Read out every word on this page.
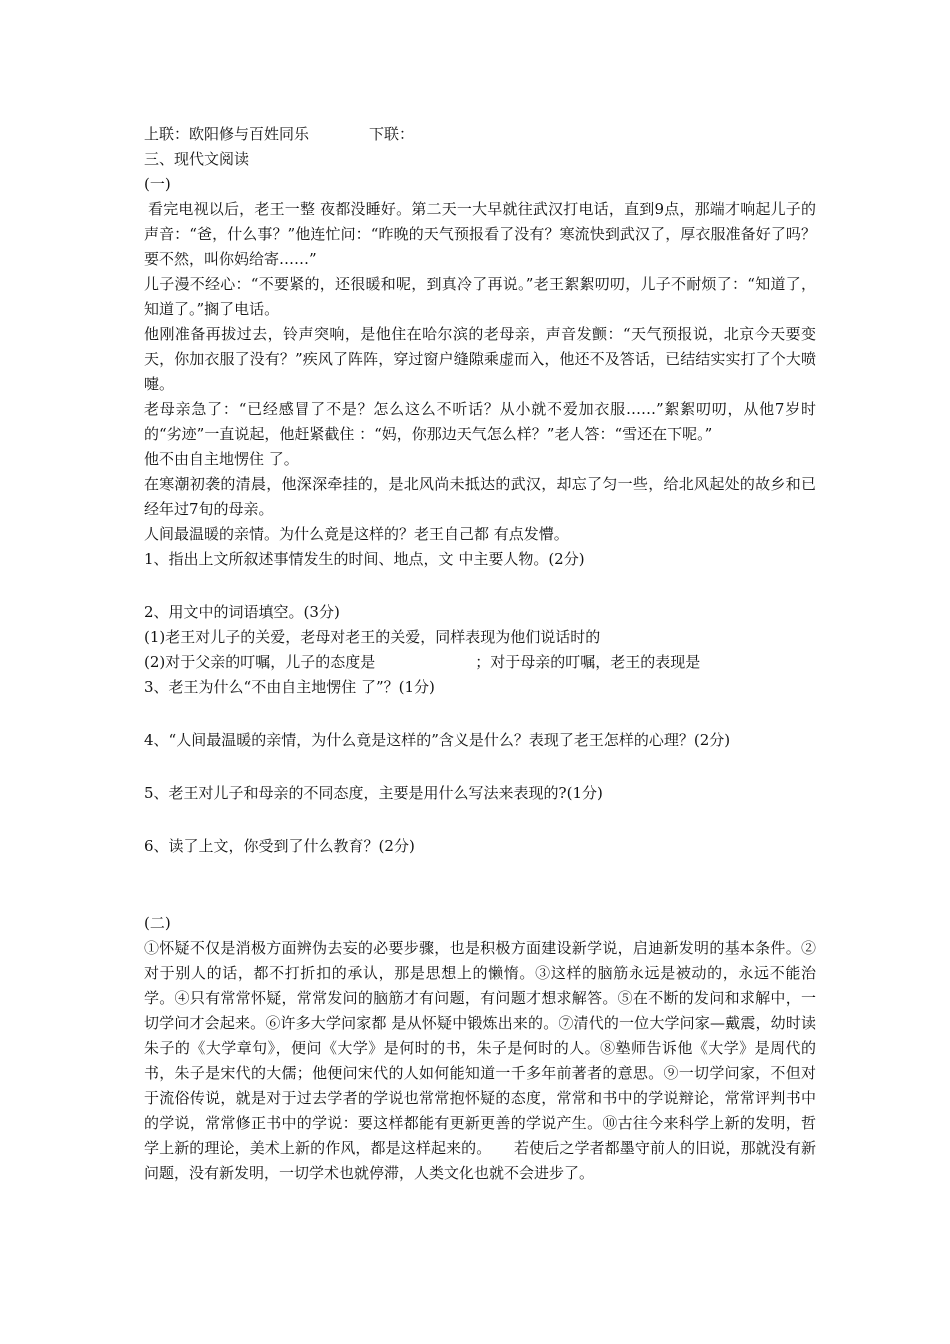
上联：欧阳修与百姓同乐	下联：
三、现代文阅读
(一)
看完电视以后，老王一整 夜都没睡好。第二天一大早就往武汉打电话，直到9点，那端才响起儿子的声音：“爸，什么事？”他连忙问：“昨晚的天气预报看了没有？寒流快到武汉了，厚衣服准备好了吗？要不然，叫你妈给寄……”
儿子漫不经心：“不要紧的，还很暖和呢，到真冷了再说。”老王絮絮叨叨，儿子不耐烦了：“知道了，知道了。”搁了电话。
他刚准备再拔过去，铃声突响，是他住在哈尔滨的老母亲，声音发颤：“天气预报说，北京今天要变天，你加衣服了没有？”疾风了阵阵，穿过窗户缝隙乘虚而入，他还不及答话，已结结实实打了个大喷嚏。
老母亲急了：“已经感冒了不是？怎么这么不听话？从小就不爱加衣服……”絮絮叨叨，从他7岁时的“劣迹”一直说起，他赶紧截住 ：“妈，你那边天气怎么样？”老人答：“雪还在下呢。”
他不由自主地愣住 了。
在寒潮初袭的清晨，他深深牵挂的，是北风尚未抵达的武汉，却忘了匀一些，给北风起处的故乡和已经年过7旬的母亲。
人间最温暖的亲情。为什么竟是这样的？老王自己都 有点发懵。
1、指出上文所叙述事情发生的时间、地点，文 中主要人物。(2分)
2、用文中的词语填空。(3分)
(1)老王对儿子的关爱，老母对老王的关爱，同样表现为他们说话时的
(2)对于父亲的叮嘱，儿子的态度是	；对于母亲的叮嘱，老王的表现是
3、老王为什么“不由自主地愣住 了”？(1分)
4、“人间最温暖的亲情，为什么竟是这样的”含义是什么？表现了老王怎样的心理？(2分)
5、老王对儿子和母亲的不同态度，主要是用什么写法来表现的?(1分)
6、读了上文，你受到了什么教育？(2分)
(二)
①怀疑不仅是消极方面辨伪去妄的必要步骤，也是积极方面建设新学说，启迪新发明的基本条件。②对于别人的话，都不打折扣的承认，那是思想上的懒惰。③这样的脑筋永远是被动的，永远不能治学。④只有常常怀疑，常常发问的脑筋才有问题，有问题才想求解答。⑤在不断的发问和求解中，一切学问才会起来。⑥许多大学问家都 是从怀疑中锻炼出来的。⑦清代的一位大学问家—戴震，幼时读朱子的《大学章句》，便问《大学》是何时的书，朱子是何时的人。⑧塾师告诉他《大学》是周代的书，朱子是宋代的大儒；他便问宋代的人如何能知道一千多年前著者的意思。⑨一切学问家，不但对于流俗传说，就是对于过去学者的学说也常常抱怀疑的态度，常常和书中的学说辩论，常常评判书中的学说，常常修正书中的学说：要这样都能有更新更善的学说产生。⑩古往今来科学上新的发明，哲学上新的理论，美术上新的作风，都是这样起来的。　　若使后之学者都墨守前人的旧说，那就没有新问题，没有新发明，一切学术也就停滞，人类文化也就不会进步了。
